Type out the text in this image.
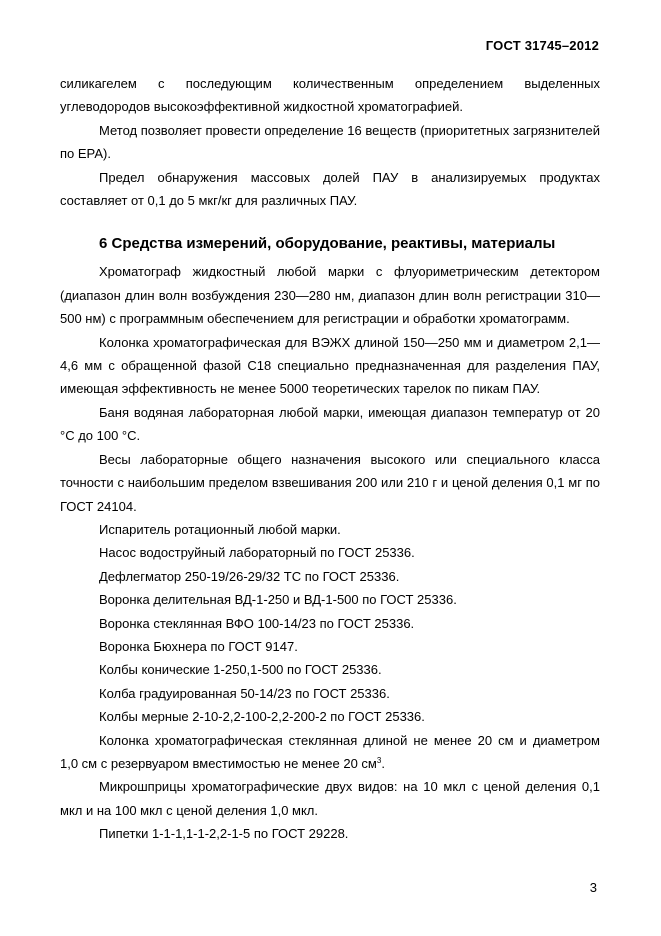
ГОСТ 31745–2012

силикагелем с последующим количественным определением выделенных углеводородов высокоэффективной жидкостной хроматографией.

Метод позволяет провести определение 16 веществ (приоритетных загрязнителей по ЕРА).

Предел обнаружения массовых долей ПАУ в анализируемых продуктах составляет от 0,1 до 5 мкг/кг для различных ПАУ.

6 Средства измерений, оборудование, реактивы, материалы

Хроматограф жидкостный любой марки с флуориметрическим детектором (диапазон длин волн возбуждения 230—280 нм, диапазон длин волн регистрации 310—500 нм) с программным обеспечением для регистрации и обработки хроматограмм.

Колонка хроматографическая для ВЭЖХ длиной 150—250 мм и диаметром 2,1—4,6 мм с обращенной фазой С18 специально предназначенная для разделения ПАУ, имеющая эффективность не менее 5000 теоретических тарелок по пикам ПАУ.

Баня водяная лабораторная любой марки, имеющая диапазон температур от 20 °С до 100 °С.

Весы лабораторные общего назначения высокого или специального класса точности с наибольшим пределом взвешивания 200 или 210 г и ценой деления 0,1 мг по ГОСТ 24104.

Испаритель ротационный любой марки.

Насос водоструйный лабораторный по ГОСТ 25336.

Дефлегматор 250-19/26-29/32 ТС по ГОСТ 25336.

Воронка делительная ВД-1-250 и ВД-1-500 по ГОСТ 25336.

Воронка стеклянная ВФО 100-14/23 по ГОСТ 25336.

Воронка Бюхнера по ГОСТ 9147.

Колбы конические 1-250,1-500 по ГОСТ 25336.

Колба градуированная 50-14/23 по ГОСТ 25336.

Колбы мерные 2-10-2,2-100-2,2-200-2 по ГОСТ 25336.

Колонка хроматографическая стеклянная длиной не менее 20 см и диаметром 1,0 см с резервуаром вместимостью не менее 20 $см^3$.

Микрошприцы хроматографические двух видов: на 10 мкл с ценой деления 0,1 мкл и на 100 мкл с ценой деления 1,0 мкл.

Пипетки 1-1-1,1-1-2,2-1-5 по ГОСТ 29228.

3
